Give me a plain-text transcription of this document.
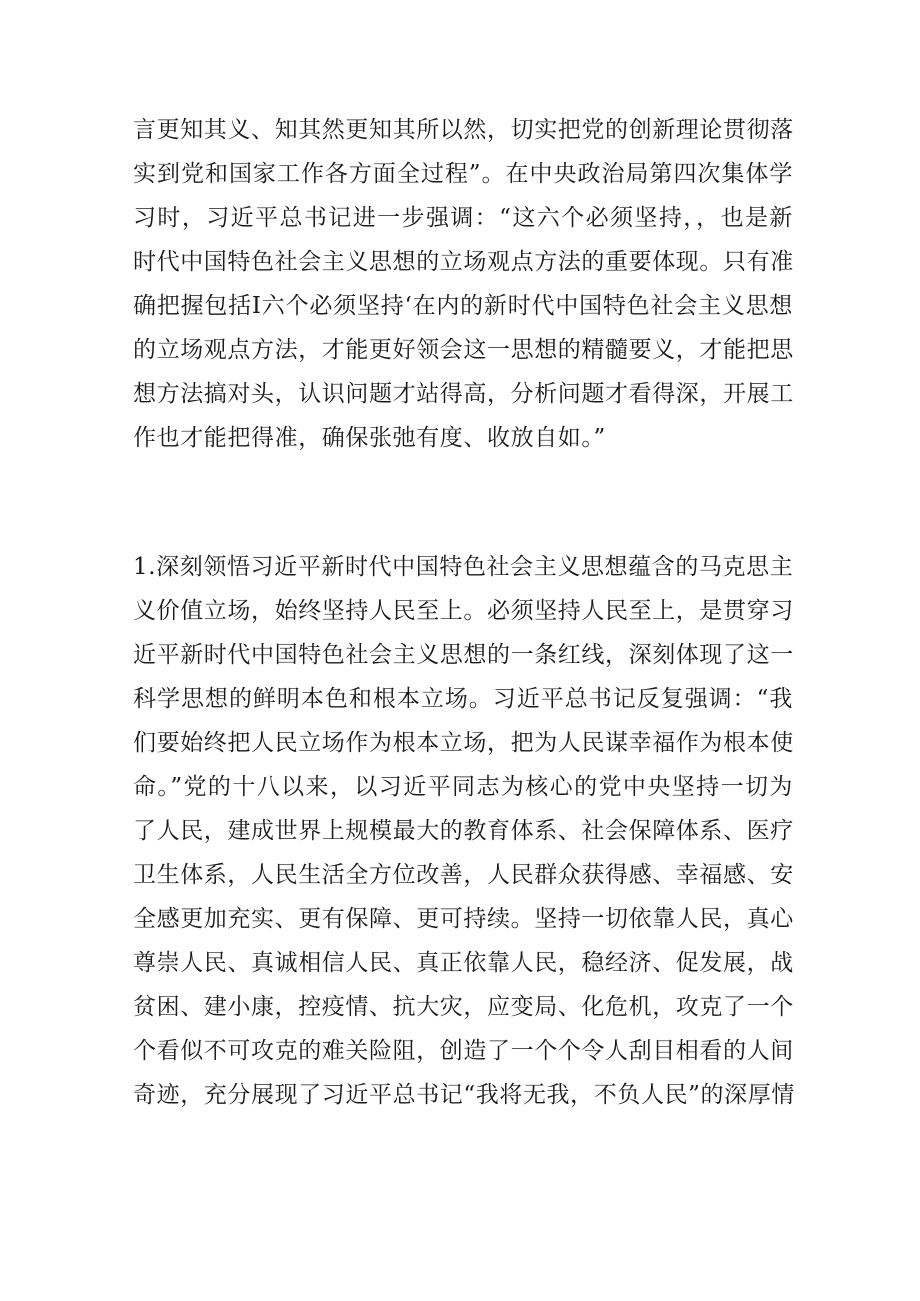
言更知其义、知其然更知其所以然，切实把党的创新理论贯彻落
实到党和国家工作各方面全过程”。在中央政治局第四次集体学
习时，习近平总书记进一步强调：“这六个必须坚持，，也是新
时代中国特色社会主义思想的立场观点方法的重要体现。只有准
确把握包括I六个必须坚持‘在内的新时代中国特色社会主义思想
的立场观点方法，才能更好领会这一思想的精髓要义，才能把思
想方法搞对头，认识问题才站得高，分析问题才看得深，开展工
作也才能把得准，确保张弛有度、收放自如。”
1.深刻领悟习近平新时代中国特色社会主义思想蕴含的马克思主
义价值立场，始终坚持人民至上。必须坚持人民至上，是贯穿习
近平新时代中国特色社会主义思想的一条红线，深刻体现了这一
科学思想的鲜明本色和根本立场。习近平总书记反复强调：“我
们要始终把人民立场作为根本立场，把为人民谋幸福作为根本使
命。”党的十八以来，以习近平同志为核心的党中央坚持一切为
了人民，建成世界上规模最大的教育体系、社会保障体系、医疗
卫生体系，人民生活全方位改善，人民群众获得感、幸福感、安
全感更加充实、更有保障、更可持续。坚持一切依靠人民，真心
尊崇人民、真诚相信人民、真正依靠人民，稳经济、促发展，战
贫困、建小康，控疫情、抗大灾，应变局、化危机，攻克了一个
个看似不可攻克的难关险阻，创造了一个个令人刮目相看的人间
奇迹，充分展现了习近平总书记“我将无我，不负人民”的深厚情
